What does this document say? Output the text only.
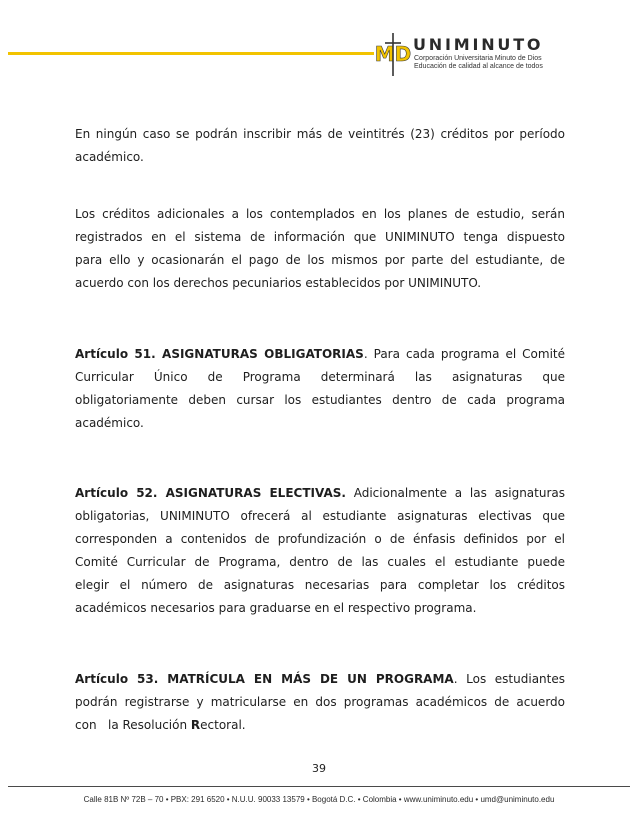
MD UNIMINUTO
Corporación Universitaria Minuto de Dios
Educación de calidad al alcance de todos
En ningún caso se podrán inscribir más de veintitrés (23) créditos por período
académico.
Los créditos adicionales a los contemplados en los planes de estudio, serán
registrados en el sistema de información que UNIMINUTO tenga dispuesto
para ello y ocasionarán el pago de los mismos por parte del estudiante, de
acuerdo con los derechos pecuniarios establecidos por UNIMINUTO.
Artículo 51. ASIGNATURAS OBLIGATORIAS. Para cada programa el Comité
Curricular Único de Programa determinará las asignaturas que
obligatoriamente deben cursar los estudiantes dentro de cada programa
académico.
Artículo 52. ASIGNATURAS ELECTIVAS. Adicionalmente a las asignaturas
obligatorias, UNIMINUTO ofrecerá al estudiante asignaturas electivas que
corresponden a contenidos de profundización o de énfasis definidos por el
Comité Curricular de Programa, dentro de las cuales el estudiante puede
elegir el número de asignaturas necesarias para completar los créditos
académicos necesarios para graduarse en el respectivo programa.
Artículo 53. MATRÍCULA EN MÁS DE UN PROGRAMA. Los estudiantes
podrán registrarse y matricularse en dos programas académicos de acuerdo
con   la Resolución Rectoral.
39
Calle 81B Nº 72B – 70 • PBX: 291 6520 • N.U.U. 90033 13579 • Bogotá D.C. • Colombia • www.uniminuto.edu • umd@uniminuto.edu
